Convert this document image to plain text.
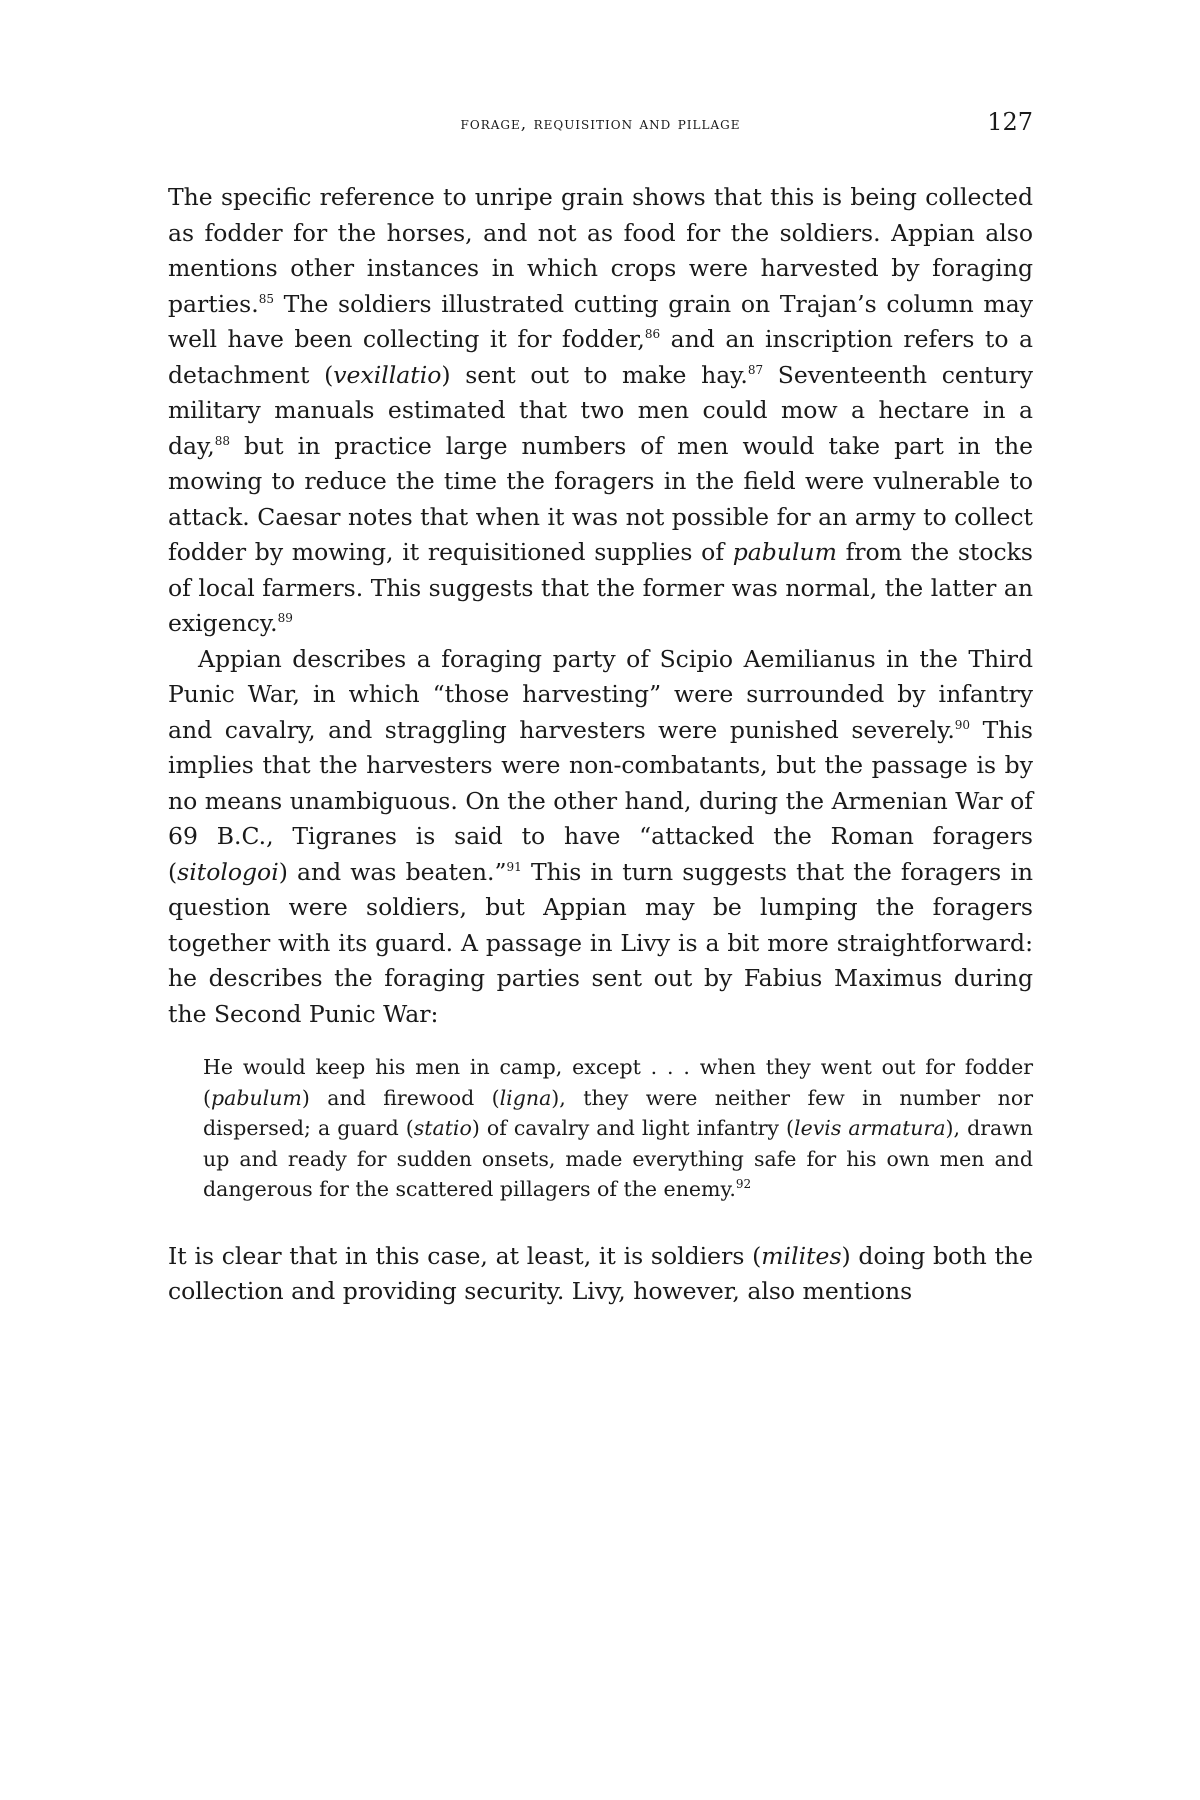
forage, requisition and pillage	127

The specific reference to unripe grain shows that this is being collected as fodder for the horses, and not as food for the soldiers. Appian also mentions other instances in which crops were harvested by foraging parties.$^{85}$ The soldiers illustrated cutting grain on Trajan’s column may well have been collecting it for fodder,$^{86}$ and an inscription refers to a detachment (vexillatio) sent out to make hay.$^{87}$ Seventeenth century military manuals estimated that two men could mow a hectare in a day,$^{88}$ but in practice large numbers of men would take part in the mowing to reduce the time the foragers in the field were vulnerable to attack. Caesar notes that when it was not possible for an army to collect fodder by mowing, it requisitioned supplies of pabulum from the stocks of local farmers. This suggests that the former was normal, the latter an exigency.$^{89}$

Appian describes a foraging party of Scipio Aemilianus in the Third Punic War, in which “those harvesting” were surrounded by infantry and cavalry, and straggling harvesters were punished severely.$^{90}$ This implies that the harvesters were non-combatants, but the passage is by no means unambiguous. On the other hand, during the Armenian War of 69 B.C., Tigranes is said to have “attacked the Roman foragers (sitologoi) and was beaten.”$^{91}$ This in turn suggests that the foragers in question were soldiers, but Appian may be lumping the foragers together with its guard. A passage in Livy is a bit more straightforward: he describes the foraging parties sent out by Fabius Maximus during the Second Punic War:

He would keep his men in camp, except . . . when they went out for fodder (pabulum) and firewood (ligna), they were neither few in number nor dispersed; a guard (statio) of cavalry and light infantry (levis armatura), drawn up and ready for sudden onsets, made everything safe for his own men and dangerous for the scattered pillagers of the enemy.$^{92}$

It is clear that in this case, at least, it is soldiers (milites) doing both the collection and providing security. Livy, however, also mentions
